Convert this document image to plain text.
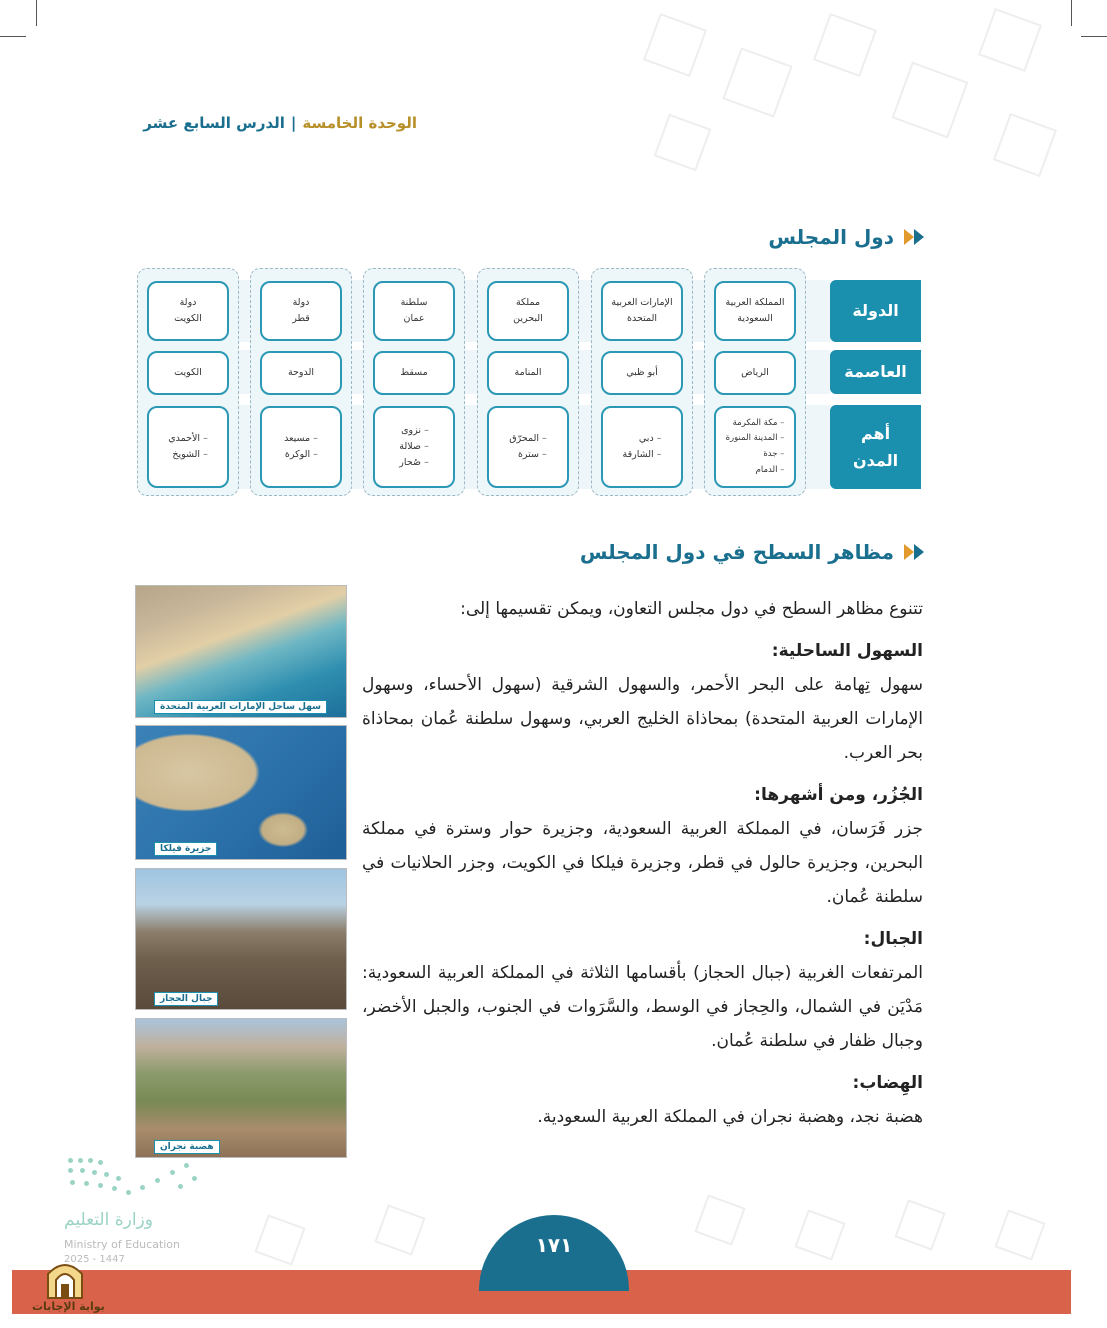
الوحدة الخامسة|الدرس السابع عشر
دول المجلس
الدولة
العاصمة
أهم
المدن
المملكة العربية
السعودية
الرياض
– مكة المكرمة
– المدينة المنورة
– جدة
– الدمام
الإمارات العربية
المتحدة
أبو ظبي
– دبي
– الشارقة
مملكة
البحرين
المنامة
– المحرّق
– سترة
سلطنة
عمان
مسقط
– نزوى
– صلالة
– صُحار
دولة
قطر
الدوحة
– مسيعد
– الوكرة
دولة
الكويت
الكويت
– الأحمدي
– الشويخ
مظاهر السطح في دول المجلس
سهل ساحل الإمارات العربية المتحدة
جزيرة فيلكا
جبال الحجاز
هضبة نجران

تتنوع مظاهر السطح في دول مجلس التعاون، ويمكن تقسيمها إلى:

السهول الساحلية:

سهول تِهامة على البحر الأحمر، والسهول الشرقية (سهول الأحساء، وسهول الإمارات العربية المتحدة) بمحاذاة الخليج العربي، وسهول سلطنة عُمان بمحاذاة بحر العرب.

الجُزُر، ومن أشهرها:

جزر فَرَسان، في المملكة العربية السعودية، وجزيرة حوار وسترة في مملكة البحرين، وجزيرة حالول في قطر، وجزيرة فيلكا في الكويت، وجزر الحلانيات في سلطنة عُمان.

الجبال:

المرتفعات الغربية (جبال الحجاز) بأقسامها الثلاثة في المملكة العربية السعودية: مَدْيَن في الشمال، والحِجاز في الوسط، والسَّرَوات في الجنوب، والجبل الأخضر، وجبال ظفار في سلطنة عُمان.

الهِضاب:

هضبة نجد، وهضبة نجران في المملكة العربية السعودية.

١٧١
وزارة التعليم
Ministry of Education
2025 - 1447
بوابة الإجابات
